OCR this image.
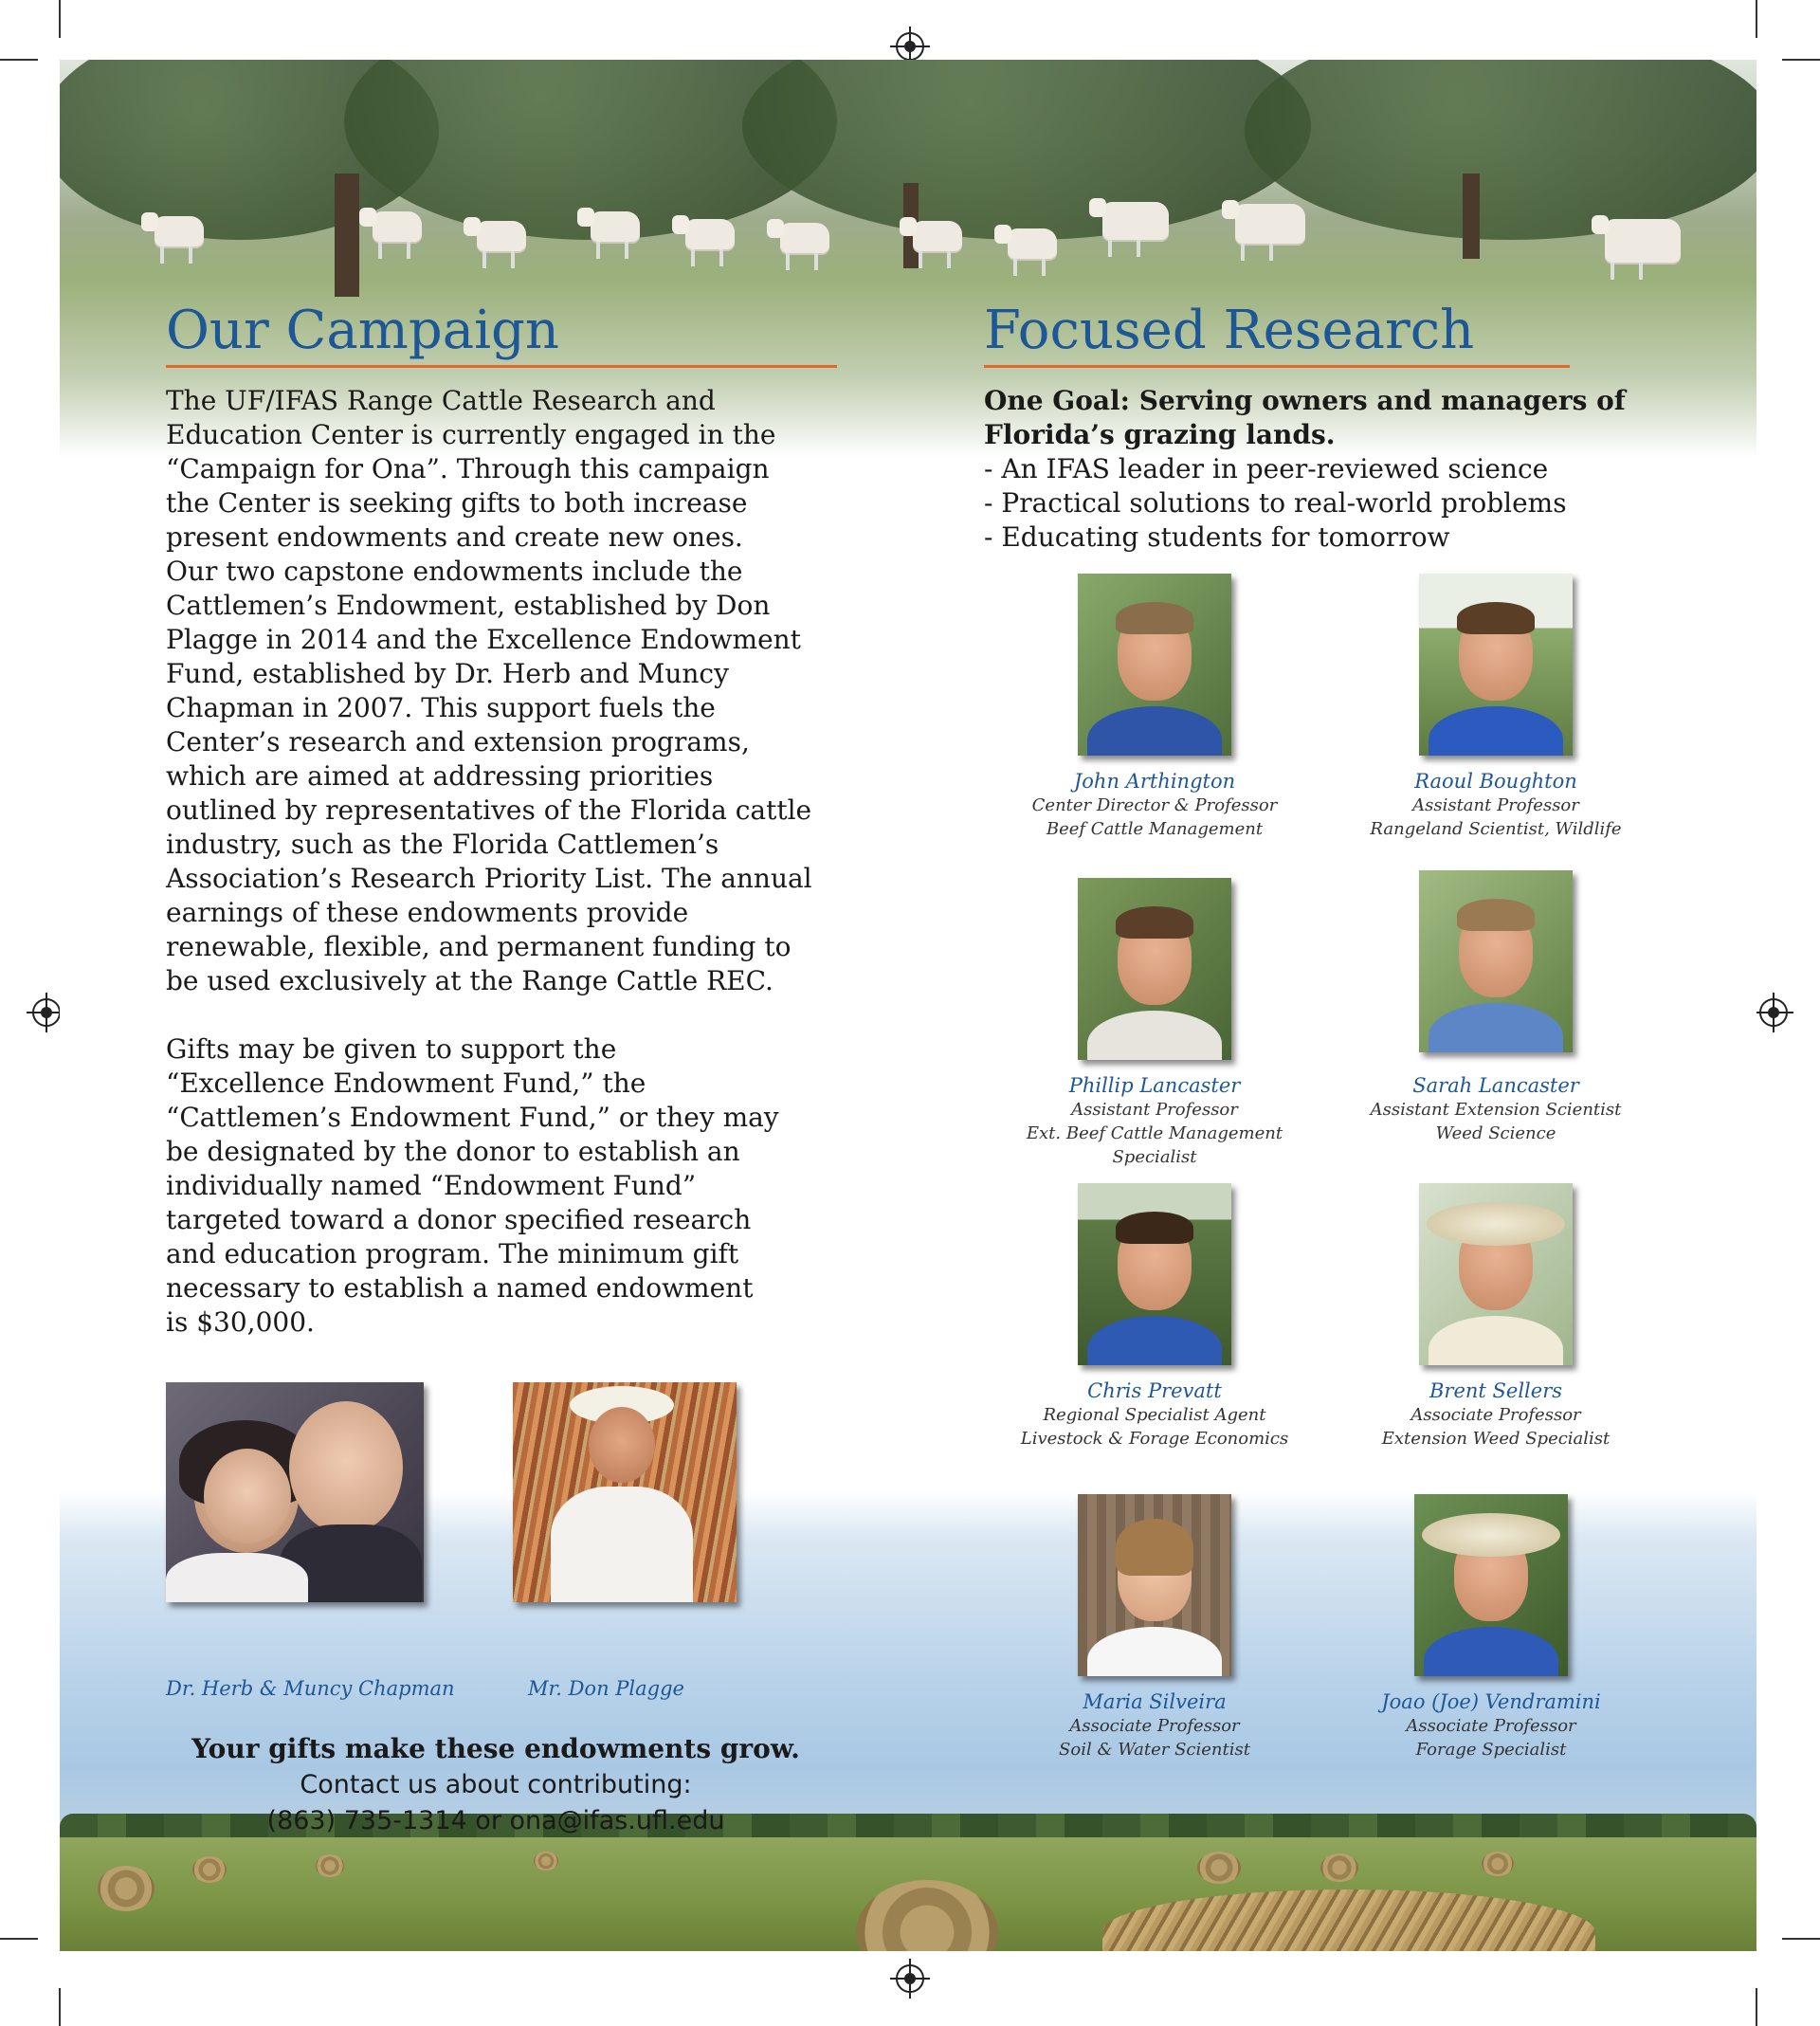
Our Campaign
The UF/IFAS Range Cattle Research and
Education Center is currently engaged in the
“Campaign for Ona”. Through this campaign
the Center is seeking gifts to both increase
present endowments and create new ones.
Our two capstone endowments include the
Cattlemen’s Endowment, established by Don
Plagge in 2014 and the Excellence Endowment
Fund, established by Dr. Herb and Muncy
Chapman in 2007. This support fuels the
Center’s research and extension programs,
which are aimed at addressing priorities
outlined by representatives of the Florida cattle
industry, such as the Florida Cattlemen’s
Association’s Research Priority List. The annual
earnings of these endowments provide
renewable, flexible, and permanent funding to
be used exclusively at the Range Cattle REC.
Gifts may be given to support the
“Excellence Endowment Fund,” the
“Cattlemen’s Endowment Fund,” or they may
be designated by the donor to establish an
individually named “Endowment Fund”
targeted toward a donor specified research
and education program. The minimum gift
necessary to establish a named endowment
is $30,000.
Dr. Herb & Muncy Chapman	Mr. Don Plagge
Your gifts make these endowments grow.
Contact us about contributing:
(863) 735-1314 or ona@ifas.ufl.edu
Focused Research
One Goal: Serving owners and managers of
Florida’s grazing lands.
- An IFAS leader in peer-reviewed science
- Practical solutions to real-world problems
- Educating students for tomorrow
John Arthington
Center Director & Professor
Beef Cattle Management
Raoul Boughton
Assistant Professor
Rangeland Scientist, Wildlife
Phillip Lancaster
Assistant Professor
Ext. Beef Cattle Management
Specialist
Sarah Lancaster
Assistant Extension Scientist
Weed Science
Chris Prevatt
Regional Specialist Agent
Livestock & Forage Economics
Brent Sellers
Associate Professor
Extension Weed Specialist
Maria Silveira
Associate Professor
Soil & Water Scientist
Joao (Joe) Vendramini
Associate Professor
Forage Specialist
